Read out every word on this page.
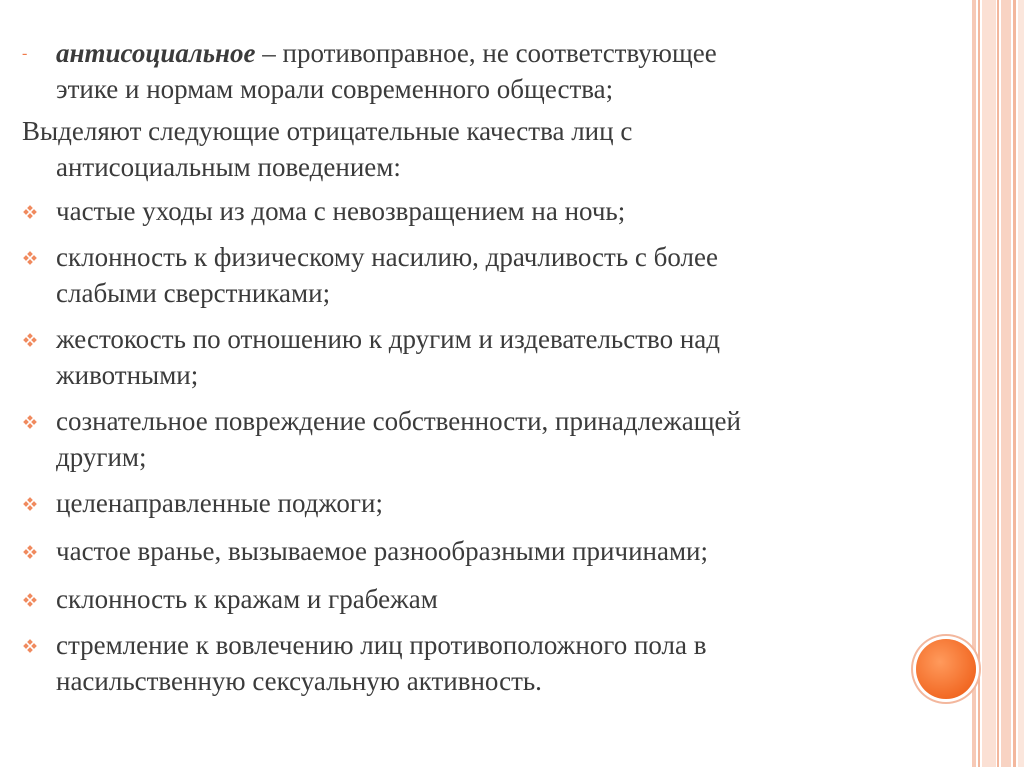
- антисоциальное – противоправное, не соответствующее
этике и нормам морали современного общества;
Выделяют следующие отрицательные качества лиц с
антисоциальным поведением:
частые уходы из дома с невозвращением на ночь;
склонность к физическому насилию, драчливость с более
слабыми сверстниками;
жестокость по отношению к другим и издевательство над
животными;
сознательное повреждение собственности, принадлежащей
другим;
целенаправленные поджоги;
частое вранье, вызываемое разнообразными причинами;
склонность к кражам и грабежам
стремление к вовлечению лиц противоположного пола в
насильственную сексуальную активность.
